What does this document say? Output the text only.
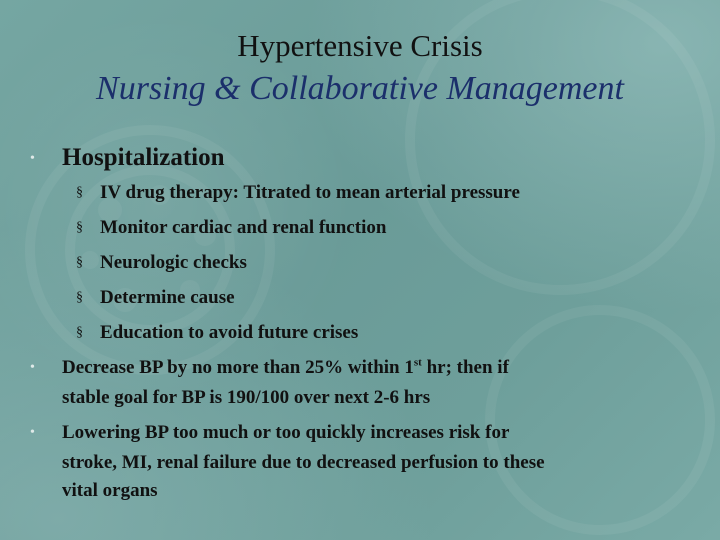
Hypertensive Crisis
Nursing & Collaborative Management
• Hospitalization
§ IV drug therapy: Titrated to mean arterial pressure
§ Monitor cardiac and renal function
§ Neurologic checks
§ Determine cause
§ Education to avoid future crises
• Decrease BP by no more than 25% within 1st hr; then if
stable goal for BP is 190/100 over next 2-6 hrs
• Lowering BP too much or too quickly increases risk for
stroke, MI, renal failure due to decreased perfusion to these
vital organs
